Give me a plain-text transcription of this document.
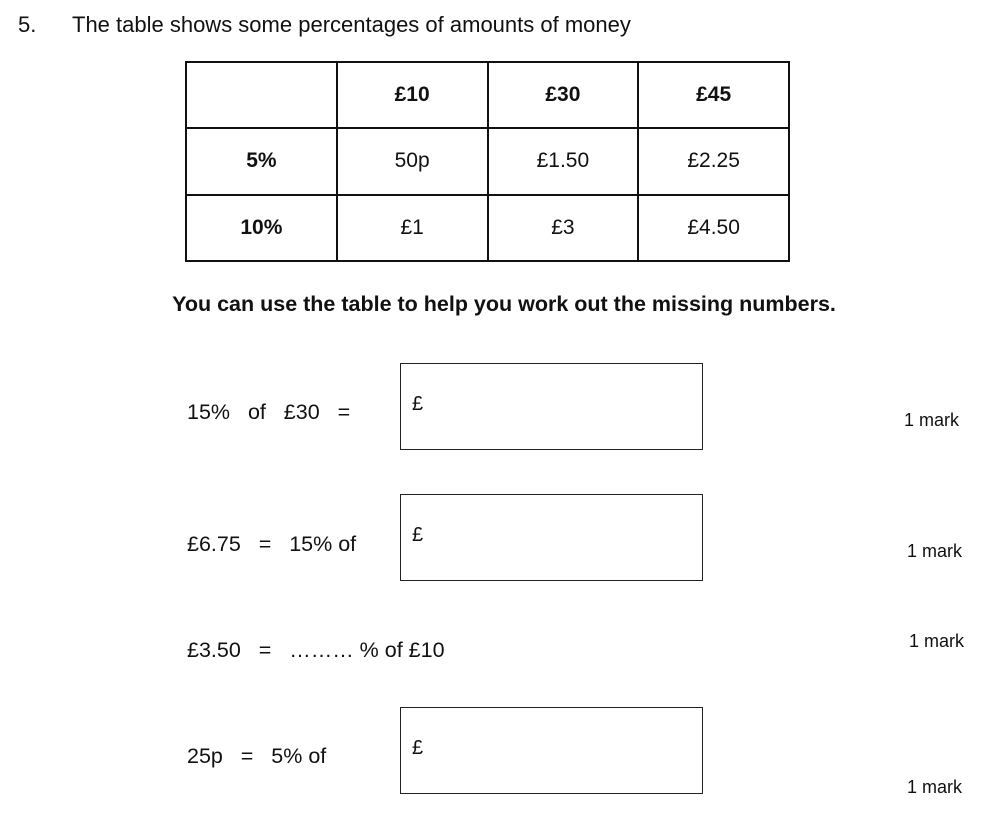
5. The table shows some percentages of amounts of money
	£10	£30	£45
5%	50p	£1.50	£2.25
10%	£1	£3	£4.50
You can use the table to help you work out the missing numbers.
15%   of   £30   =	£
1 mark
£6.75   =   15% of	£
1 mark
£3.50   =   ……… % of £10	1 mark
25p   =   5% of	£
1 mark
